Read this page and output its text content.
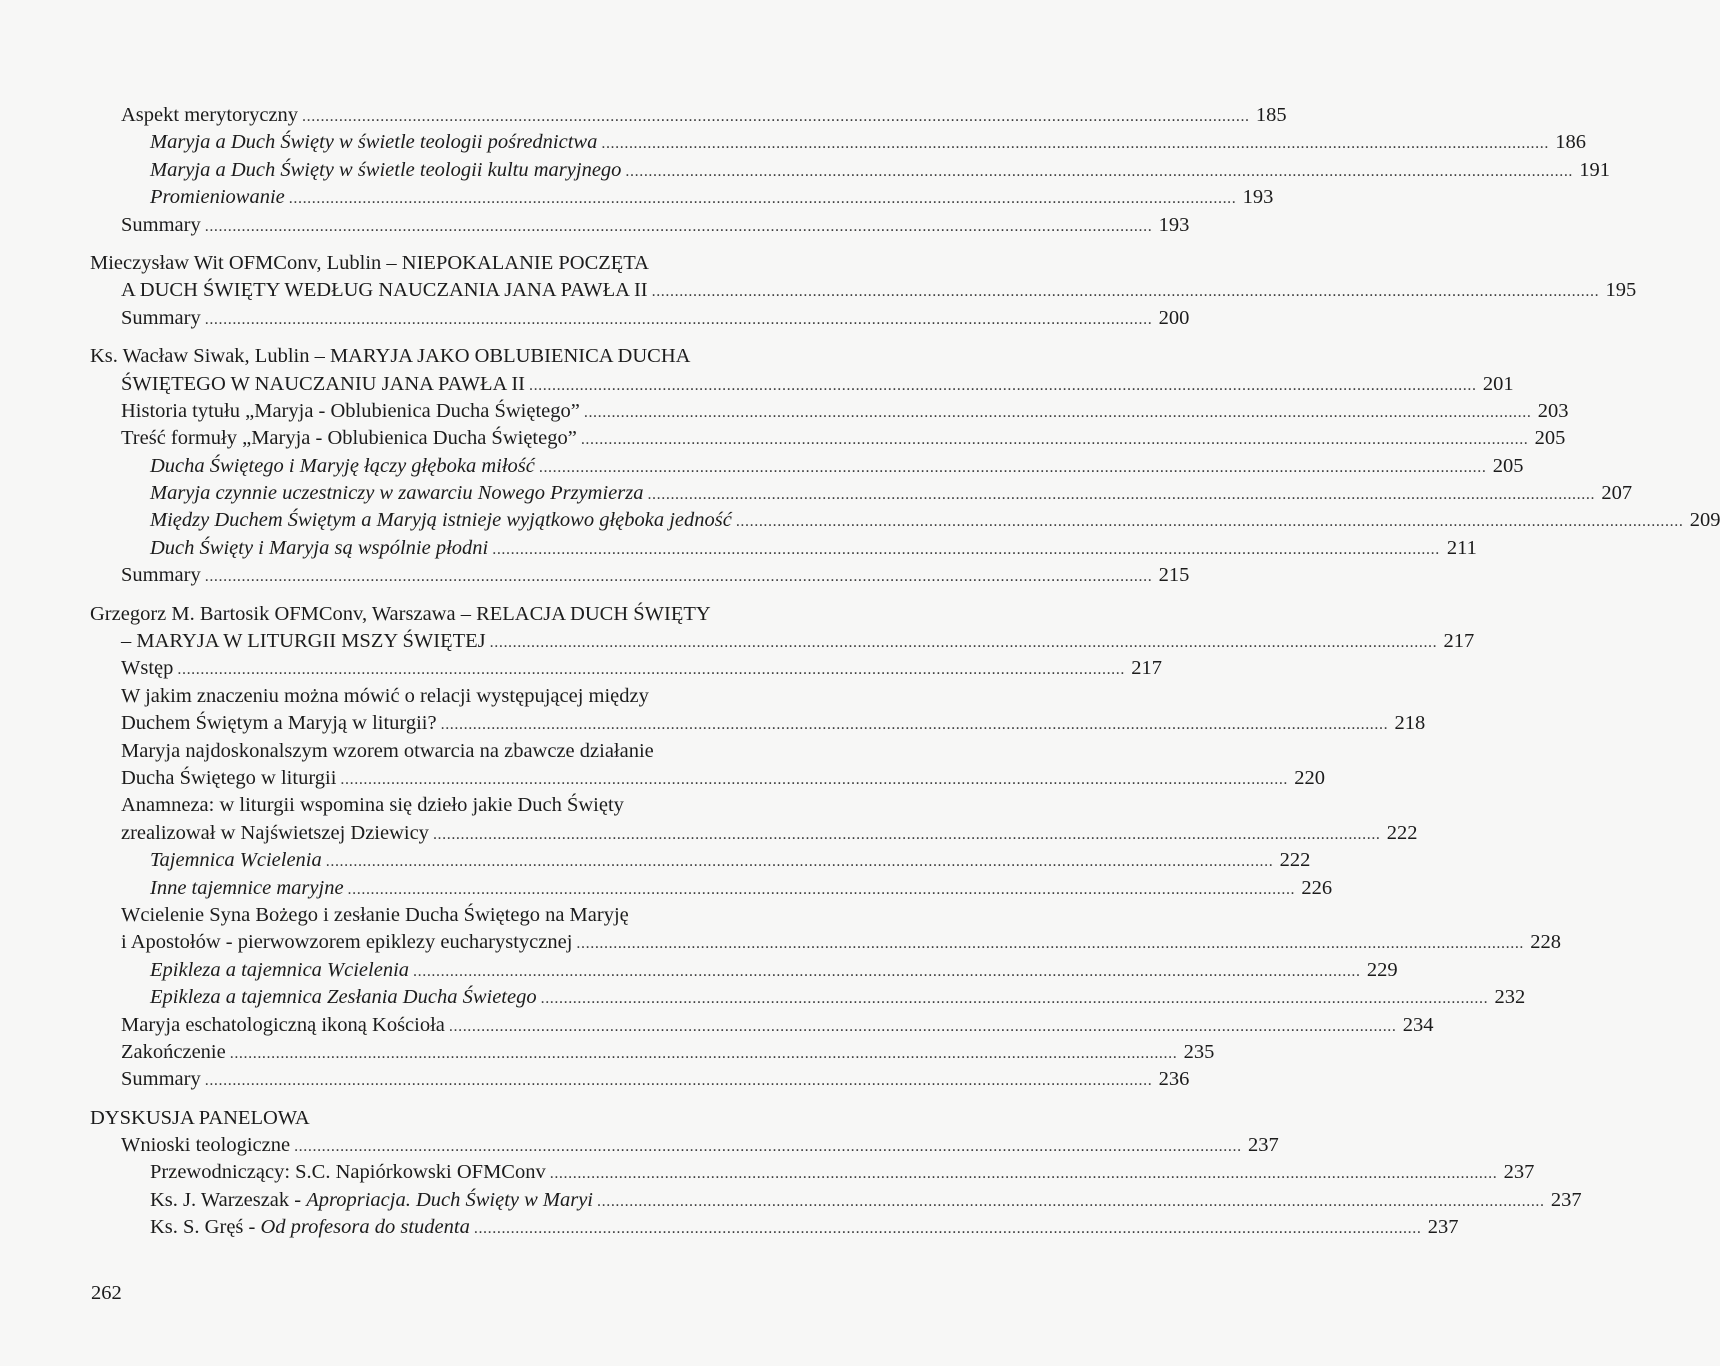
Aspekt merytoryczny .....	185
Maryja a Duch Święty w świetle teologii pośrednictwa .....	186
Maryja a Duch Święty w świetle teologii kultu maryjnego .....	191
Promieniowanie .....	193
Summary .....	193
Mieczysław Wit OFMConv, Lublin – NIEPOKALANIE POCZĘTA
A DUCH ŚWIĘTY WEDŁUG NAUCZANIA JANA PAWŁA II .....	195
Summary .....	200
Ks. Wacław Siwak, Lublin – MARYJA JAKO OBLUBIENICA DUCHA
ŚWIĘTEGO W NAUCZANIU JANA PAWŁA II .....	201
Historia tytułu „Maryja - Oblubienica Ducha Świętego” .....	203
Treść formuły „Maryja - Oblubienica Ducha Świętego” .....	205
Ducha Świętego i Maryję łączy głęboka miłość .....	205
Maryja czynnie uczestniczy w zawarciu Nowego Przymierza .....	207
Między Duchem Świętym a Maryją istnieje wyjątkowo głęboka jedność .....	209
Duch Święty i Maryja są wspólnie płodni .....	211
Summary .....	215
Grzegorz M. Bartosik OFMConv, Warszawa – RELACJA DUCH ŚWIĘTY
– MARYJA W LITURGII MSZY ŚWIĘTEJ .....	217
Wstęp .....	217
W jakim znaczeniu można mówić o relacji występującej między
Duchem Świętym a Maryją w liturgii? .....	218
Maryja najdoskonalszym wzorem otwarcia na zbawcze działanie
Ducha Świętego w liturgii .....	220
Anamneza: w liturgii wspomina się dzieło jakie Duch Święty
zrealizował w Najświetszej Dziewicy .....	222
Tajemnica Wcielenia .....	222
Inne tajemnice maryjne .....	226
Wcielenie Syna Bożego i zesłanie Ducha Świętego na Maryję
i Apostołów - pierwowzorem epiklezy eucharystycznej .....	228
Epikleza a tajemnica Wcielenia .....	229
Epikleza a tajemnica Zesłania Ducha Świetego .....	232
Maryja eschatologiczną ikoną Kościoła .....	234
Zakończenie .....	235
Summary .....	236
DYSKUSJA PANELOWA
Wnioski teologiczne .....	237
Przewodniczący: S.C. Napiórkowski OFMConv .....	237
Ks. J. Warzeszak - Apropriacja. Duch Święty w Maryi .....	237
Ks. S. Gręś - Od profesora do studenta .....	237
262
